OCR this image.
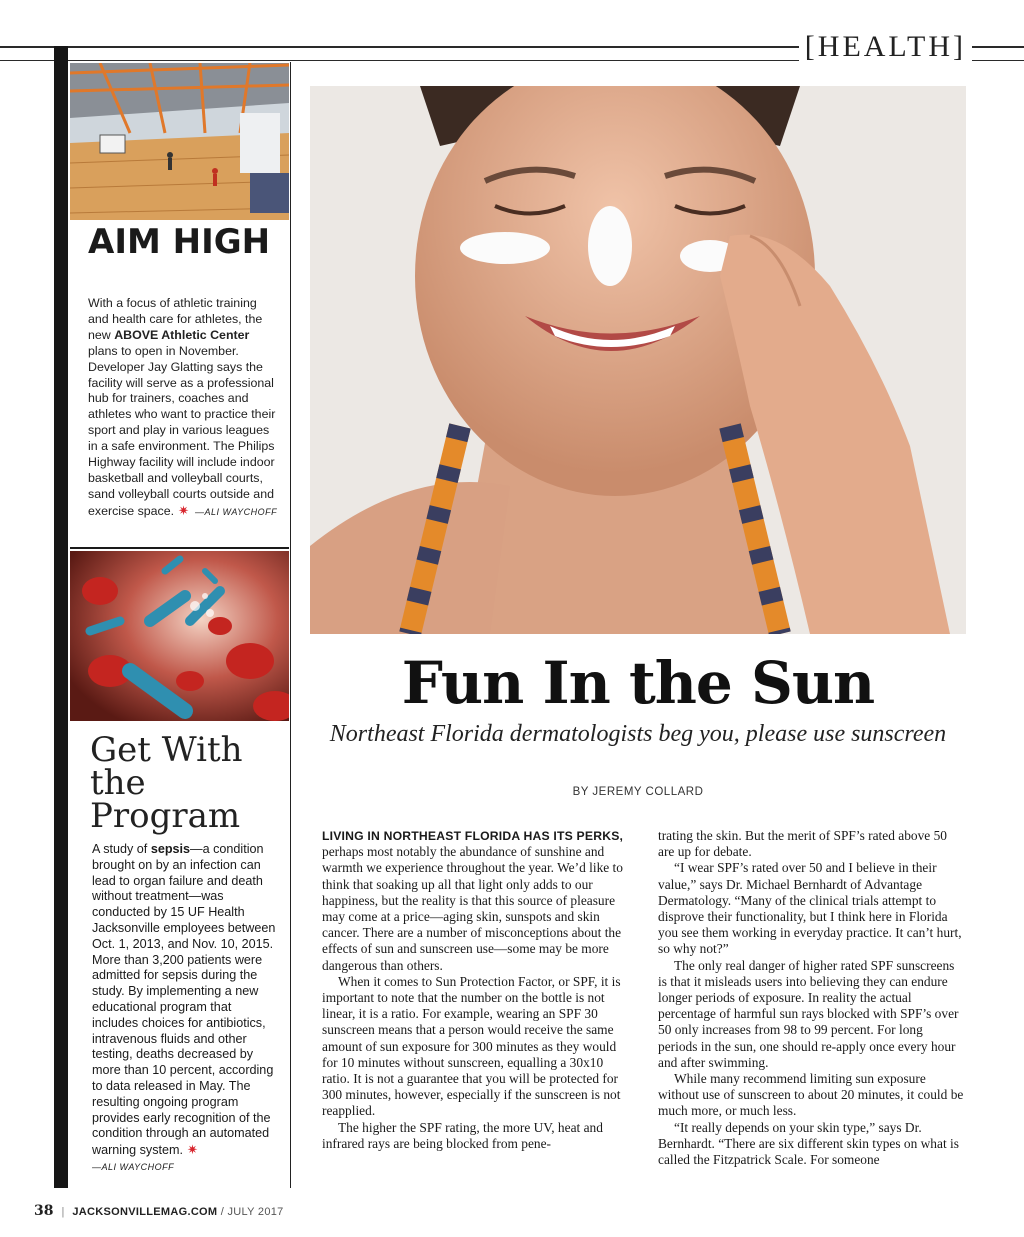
[HEALTH]
AIM HIGH
With a focus of athletic training and health care for athletes, the new ABOVE Athletic Center plans to open in November. Developer Jay Glatting says the facility will serve as a professional hub for trainers, coaches and athletes who want to practice their sport and play in various leagues in a safe environment. The Philips Highway facility will include indoor basketball and volleyball courts, sand volleyball courts outside and exercise space. ✷ —ALI WAYCHOFF
Get With the Program
A study of sepsis—a condition brought on by an infection can lead to organ failure and death without treatment—was conducted by 15 UF Health Jacksonville employees between Oct. 1, 2013, and Nov. 10, 2015. More than 3,200 patients were admitted for sepsis during the study. By implementing a new educational program that includes choices for antibiotics, intravenous fluids and other testing, deaths decreased by more than 10 percent, according to data released in May. The resulting ongoing program provides early recognition of the condition through an automated warning system. ✷
—ALI WAYCHOFF
Fun In the Sun
Northeast Florida dermatologists beg you, please use sunscreen
BY JEREMY COLLARD

LIVING IN NORTHEAST FLORIDA HAS ITS PERKS, perhaps most notably the abundance of sunshine and warmth we experience throughout the year. We’d like to think that soaking up all that light only adds to our happiness, but the reality is that this source of pleasure may come at a price—aging skin, sunspots and skin cancer. There are a number of misconceptions about the effects of sun and sunscreen use—some may be more dangerous than others.

When it comes to Sun Protection Factor, or SPF, it is important to note that the number on the bottle is not linear, it is a ratio. For example, wearing an SPF 30 sunscreen means that a person would receive the same amount of sun exposure for 300 minutes as they would for 10 minutes without sunscreen, equalling a 30x10 ratio. It is not a guarantee that you will be protected for 300 minutes, however, especially if the sunscreen is not reapplied.

The higher the SPF rating, the more UV, heat and infrared rays are being blocked from pene-

trating the skin. But the merit of SPF’s rated above 50 are up for debate.

“I wear SPF’s rated over 50 and I believe in their value,” says Dr. Michael Bernhardt of Advantage Dermatology. “Many of the clinical trials attempt to disprove their functionality, but I think here in Florida you see them working in everyday practice. It can’t hurt, so why not?”

The only real danger of higher rated SPF sunscreens is that it misleads users into believing they can endure longer periods of exposure. In reality the actual percentage of harmful sun rays blocked with SPF’s over 50 only increases from 98 to 99 percent. For long periods in the sun, one should re-apply once every hour and after swimming.

While many recommend limiting sun exposure without use of sunscreen to about 20 minutes, it could be much more, or much less.

“It really depends on your skin type,” says Dr. Bernhardt. “There are six different skin types on what is called the Fitzpatrick Scale. For someone

38 | JACKSONVILLEMAG.COM / JULY 2017
